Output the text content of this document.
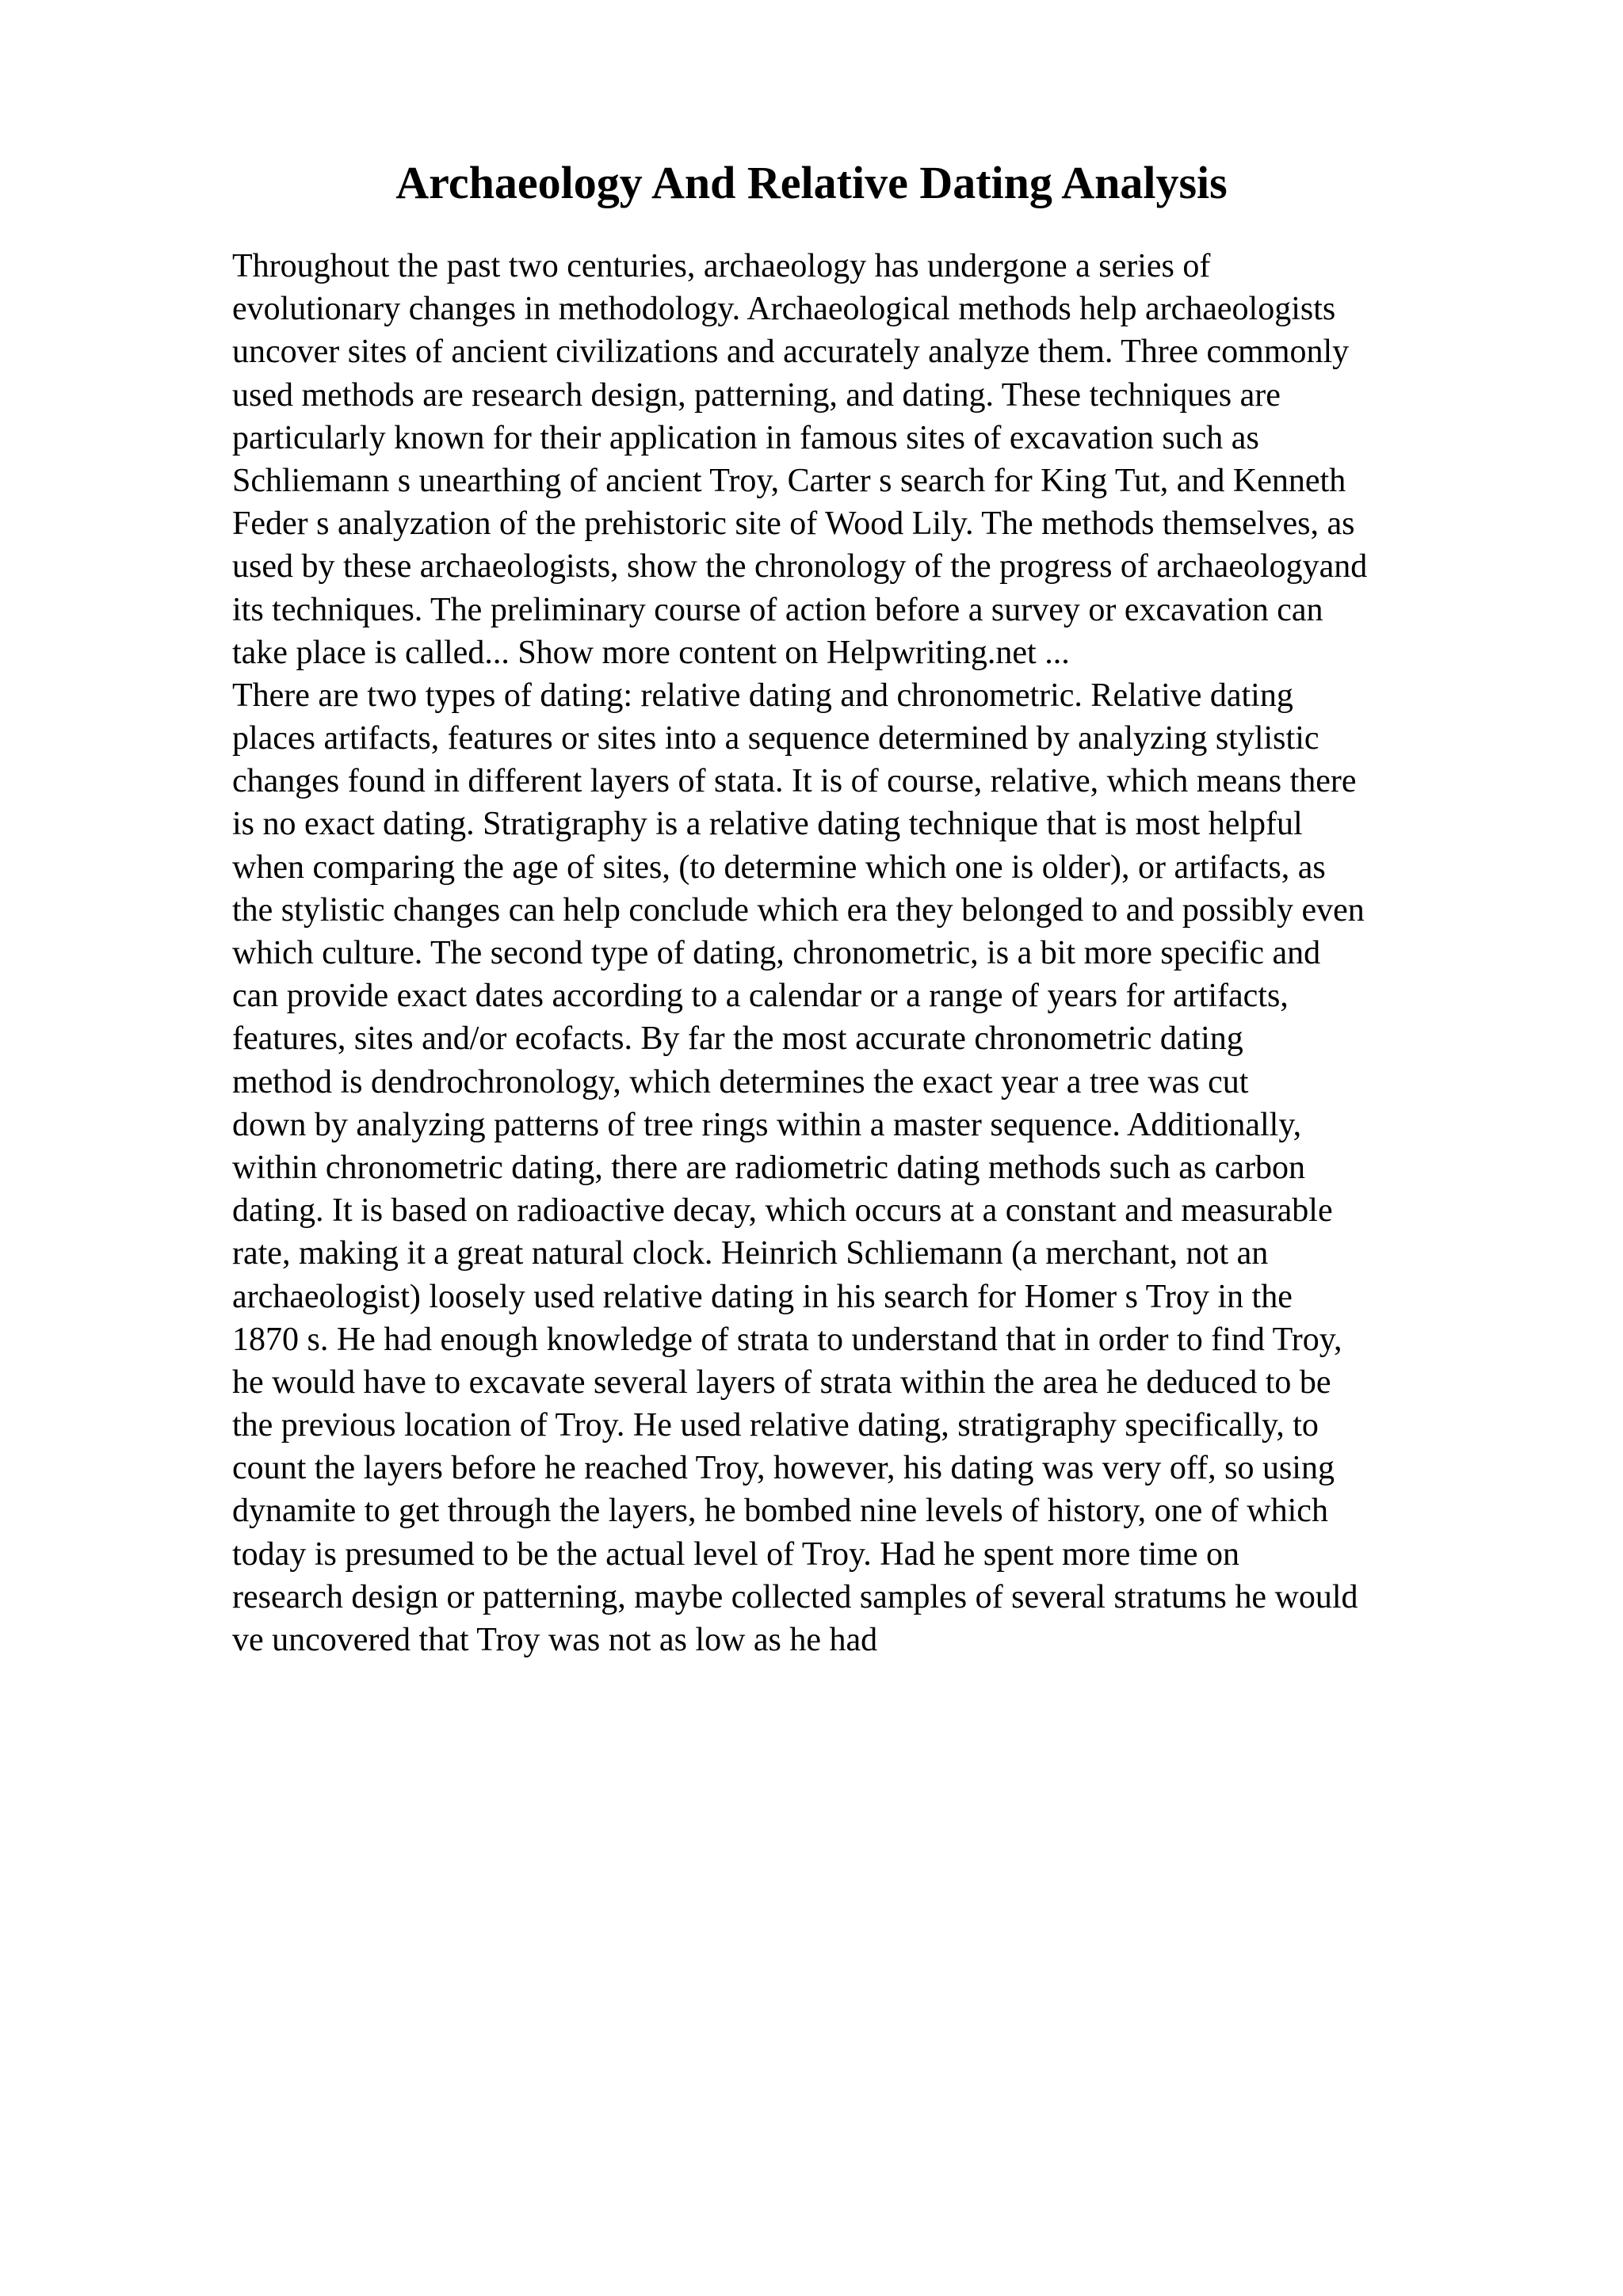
Archaeology And Relative Dating Analysis
Throughout the past two centuries, archaeology has undergone a series of
evolutionary changes in methodology. Archaeological methods help archaeologists
uncover sites of ancient civilizations and accurately analyze them. Three commonly
used methods are research design, patterning, and dating. These techniques are
particularly known for their application in famous sites of excavation such as
Schliemann s unearthing of ancient Troy, Carter s search for King Tut, and Kenneth
Feder s analyzation of the prehistoric site of Wood Lily. The methods themselves, as
used by these archaeologists, show the chronology of the progress of archaeologyand
its techniques. The preliminary course of action before a survey or excavation can
take place is called... Show more content on Helpwriting.net ...
There are two types of dating: relative dating and chronometric. Relative dating
places artifacts, features or sites into a sequence determined by analyzing stylistic
changes found in different layers of stata. It is of course, relative, which means there
is no exact dating. Stratigraphy is a relative dating technique that is most helpful
when comparing the age of sites, (to determine which one is older), or artifacts, as
the stylistic changes can help conclude which era they belonged to and possibly even
which culture. The second type of dating, chronometric, is a bit more specific and
can provide exact dates according to a calendar or a range of years for artifacts,
features, sites and/or ecofacts. By far the most accurate chronometric dating
method is dendrochronology, which determines the exact year a tree was cut
down by analyzing patterns of tree rings within a master sequence. Additionally,
within chronometric dating, there are radiometric dating methods such as carbon
dating. It is based on radioactive decay, which occurs at a constant and measurable
rate, making it a great natural clock. Heinrich Schliemann (a merchant, not an
archaeologist) loosely used relative dating in his search for Homer s Troy in the
1870 s. He had enough knowledge of strata to understand that in order to find Troy,
he would have to excavate several layers of strata within the area he deduced to be
the previous location of Troy. He used relative dating, stratigraphy specifically, to
count the layers before he reached Troy, however, his dating was very off, so using
dynamite to get through the layers, he bombed nine levels of history, one of which
today is presumed to be the actual level of Troy. Had he spent more time on
research design or patterning, maybe collected samples of several stratums he would
ve uncovered that Troy was not as low as he had
